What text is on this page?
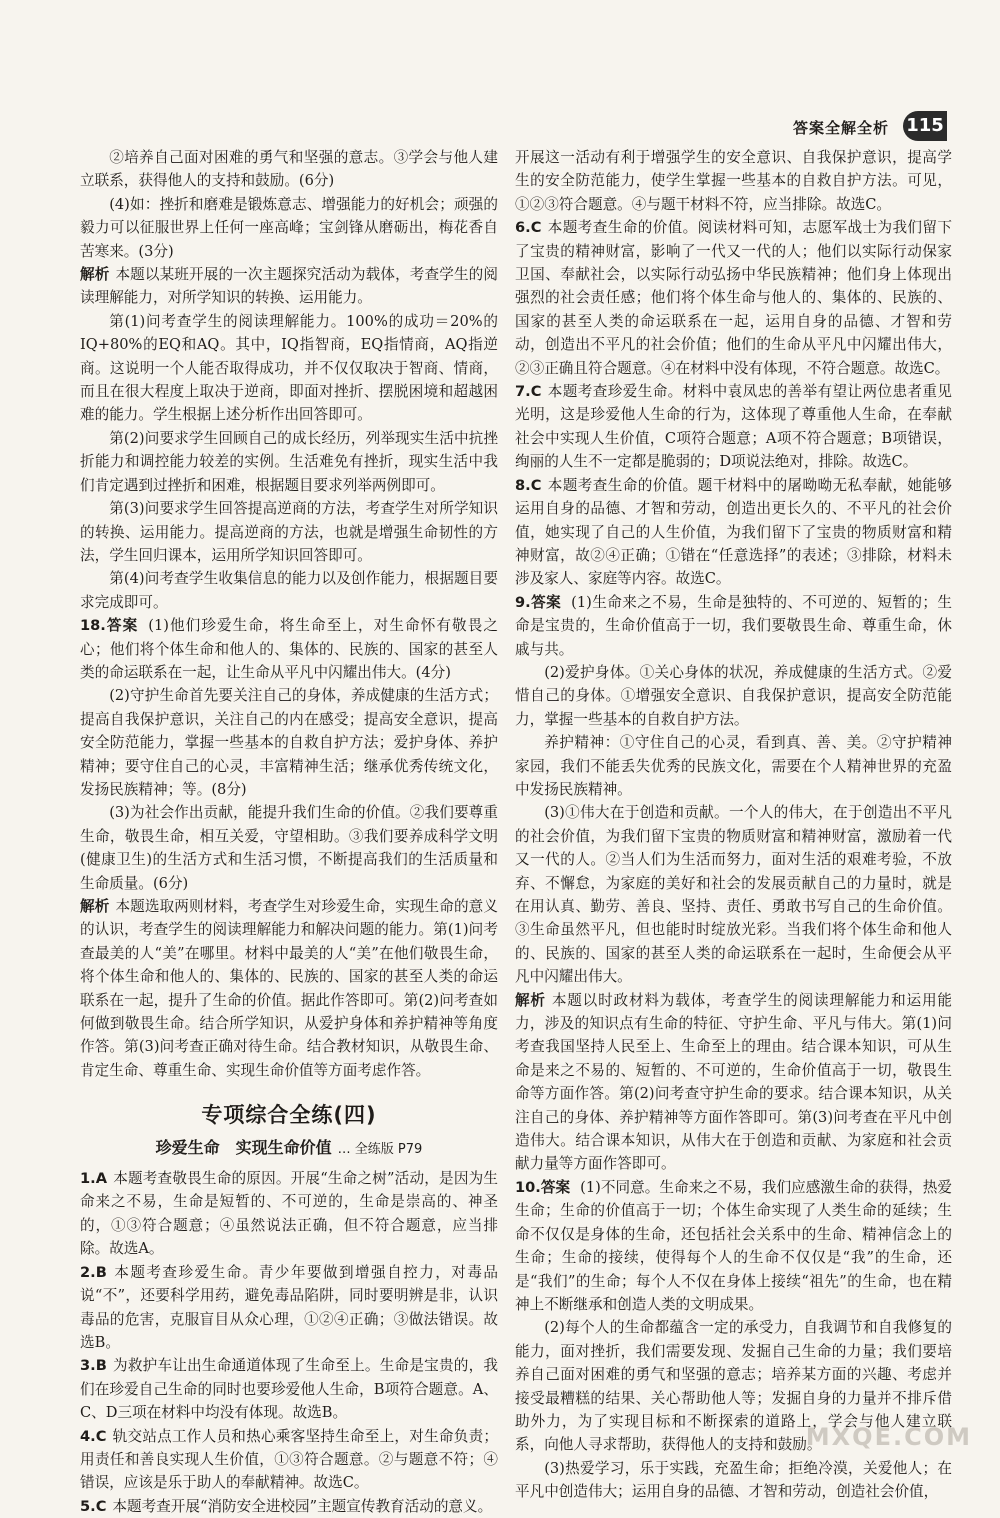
答案全解全析 115

②培养自己面对困难的勇气和坚强的意志。③学会与他人建立联系，获得他人的支持和鼓励。(6分)

(4)如：挫折和磨难是锻炼意志、增强能力的好机会；顽强的毅力可以征服世界上任何一座高峰；宝剑锋从磨砺出，梅花香自苦寒来。(3分)

解析 本题以某班开展的一次主题探究活动为载体，考查学生的阅读理解能力，对所学知识的转换、运用能力。

第(1)问考查学生的阅读理解能力。100%的成功＝20%的IQ+80%的EQ和AQ。其中，IQ指智商，EQ指情商，AQ指逆商。这说明一个人能否取得成功，并不仅仅取决于智商、情商，而且在很大程度上取决于逆商，即面对挫折、摆脱困境和超越困难的能力。学生根据上述分析作出回答即可。

第(2)问要求学生回顾自己的成长经历，列举现实生活中抗挫折能力和调控能力较差的实例。生活难免有挫折，现实生活中我们肯定遇到过挫折和困难，根据题目要求列举两例即可。

第(3)问要求学生回答提高逆商的方法，考查学生对所学知识的转换、运用能力。提高逆商的方法，也就是增强生命韧性的方法，学生回归课本，运用所学知识回答即可。

第(4)问考查学生收集信息的能力以及创作能力，根据题目要求完成即可。

18.答案 (1)他们珍爱生命，将生命至上，对生命怀有敬畏之心；他们将个体生命和他人的、集体的、民族的、国家的甚至人类的命运联系在一起，让生命从平凡中闪耀出伟大。(4分)

(2)守护生命首先要关注自己的身体，养成健康的生活方式；提高自我保护意识，关注自己的内在感受；提高安全意识，提高安全防范能力，掌握一些基本的自救自护方法；爱护身体、养护精神；要守住自己的心灵，丰富精神生活；继承优秀传统文化，发扬民族精神；等。(8分)

(3)为社会作出贡献，能提升我们生命的价值。②我们要尊重生命，敬畏生命，相互关爱，守望相助。③我们要养成科学文明(健康卫生)的生活方式和生活习惯，不断提高我们的生活质量和生命质量。(6分)

解析 本题选取两则材料，考查学生对珍爱生命，实现生命的意义的认识，考查学生的阅读理解能力和解决问题的能力。第(1)问考查最美的人“美”在哪里。材料中最美的人“美”在他们敬畏生命，将个体生命和他人的、集体的、民族的、国家的甚至人类的命运联系在一起，提升了生命的价值。据此作答即可。第(2)问考查如何做到敬畏生命。结合所学知识，从爱护身体和养护精神等角度作答。第(3)问考查正确对待生命。结合教材知识，从敬畏生命、肯定生命、尊重生命、实现生命价值等方面考虑作答。

专项综合全练(四)
珍爱生命　实现生命价值 … 全练版 P79

1.A 本题考查敬畏生命的原因。开展“生命之树”活动，是因为生命来之不易，生命是短暂的、不可逆的，生命是崇高的、神圣的，①③符合题意；④虽然说法正确，但不符合题意，应当排除。故选A。

2.B 本题考查珍爱生命。青少年要做到增强自控力，对毒品说“不”，还要科学用药，避免毒品陷阱，同时要明辨是非，认识毒品的危害，克服盲目从众心理，①②④正确；③做法错误。故选B。

3.B 为救护车让出生命通道体现了生命至上。生命是宝贵的，我们在珍爱自己生命的同时也要珍爱他人生命，B项符合题意。A、C、D三项在材料中均没有体现。故选B。

4.C 轨交站点工作人员和热心乘客坚持生命至上，对生命负责；用责任和善良实现人生价值，①③符合题意。②与题意不符；④错误，应该是乐于助人的奉献精神。故选C。

5.C 本题考查开展“消防安全进校园”主题宣传教育活动的意义。

开展这一活动有利于增强学生的安全意识、自我保护意识，提高学生的安全防范能力，使学生掌握一些基本的自救自护方法。可见，①②③符合题意。④与题干材料不符，应当排除。故选C。

6.C 本题考查生命的价值。阅读材料可知，志愿军战士为我们留下了宝贵的精神财富，影响了一代又一代的人；他们以实际行动保家卫国、奉献社会，以实际行动弘扬中华民族精神；他们身上体现出强烈的社会责任感；他们将个体生命与他人的、集体的、民族的、国家的甚至人类的命运联系在一起，运用自身的品德、才智和劳动，创造出不平凡的社会价值；他们的生命从平凡中闪耀出伟大，②③正确且符合题意。④在材料中没有体现，不符合题意。故选C。

7.C 本题考查珍爱生命。材料中袁凤忠的善举有望让两位患者重见光明，这是珍爱他人生命的行为，这体现了尊重他人生命，在奉献社会中实现人生价值，C项符合题意；A项不符合题意；B项错误，绚丽的人生不一定都是脆弱的；D项说法绝对，排除。故选C。

8.C 本题考查生命的价值。题干材料中的屠呦呦无私奉献，她能够运用自身的品德、才智和劳动，创造出更长久的、不平凡的社会价值，她实现了自己的人生价值，为我们留下了宝贵的物质财富和精神财富，故②④正确；①错在“任意选择”的表述；③排除，材料未涉及家人、家庭等内容。故选C。

9.答案 (1)生命来之不易，生命是独特的、不可逆的、短暂的；生命是宝贵的，生命价值高于一切，我们要敬畏生命、尊重生命，休戚与共。

(2)爱护身体。①关心身体的状况，养成健康的生活方式。②爱惜自己的身体。①增强安全意识、自我保护意识，提高安全防范能力，掌握一些基本的自救自护方法。

养护精神：①守住自己的心灵，看到真、善、美。②守护精神家园，我们不能丢失优秀的民族文化，需要在个人精神世界的充盈中发扬民族精神。

(3)①伟大在于创造和贡献。一个人的伟大，在于创造出不平凡的社会价值，为我们留下宝贵的物质财富和精神财富，激励着一代又一代的人。②当人们为生活而努力，面对生活的艰难考验，不放弃、不懈怠，为家庭的美好和社会的发展贡献自己的力量时，就是在用认真、勤劳、善良、坚持、责任、勇敢书写自己的生命价值。③生命虽然平凡，但也能时时绽放光彩。当我们将个体生命和他人的、民族的、国家的甚至人类的命运联系在一起时，生命便会从平凡中闪耀出伟大。

解析 本题以时政材料为载体，考查学生的阅读理解能力和运用能力，涉及的知识点有生命的特征、守护生命、平凡与伟大。第(1)问考查我国坚持人民至上、生命至上的理由。结合课本知识，可从生命是来之不易的、短暂的、不可逆的，生命价值高于一切，敬畏生命等方面作答。第(2)问考查守护生命的要求。结合课本知识，从关注自己的身体、养护精神等方面作答即可。第(3)问考查在平凡中创造伟大。结合课本知识，从伟大在于创造和贡献、为家庭和社会贡献力量等方面作答即可。

10.答案 (1)不同意。生命来之不易，我们应感激生命的获得，热爱生命；生命的价值高于一切；个体生命实现了人类生命的延续；生命不仅仅是身体的生命，还包括社会关系中的生命、精神信念上的生命；生命的接续，使得每个人的生命不仅仅是“我”的生命，还是“我们”的生命；每个人不仅在身体上接续“祖先”的生命，也在精神上不断继承和创造人类的文明成果。

(2)每个人的生命都蕴含一定的承受力，自我调节和自我修复的能力，面对挫折，我们需要发现、发掘自己生命的力量；我们要培养自己面对困难的勇气和坚强的意志；培养某方面的兴趣、考虑并接受最糟糕的结果、关心帮助他人等；发掘自身的力量并不排斥借助外力，为了实现目标和不断探索的道路上，学会与他人建立联系，向他人寻求帮助，获得他人的支持和鼓励。

(3)热爱学习，乐于实践，充盈生命；拒绝冷漠，关爱他人；在平凡中创造伟大；运用自身的品德、才智和劳动，创造社会价值，

MXQE.COM
